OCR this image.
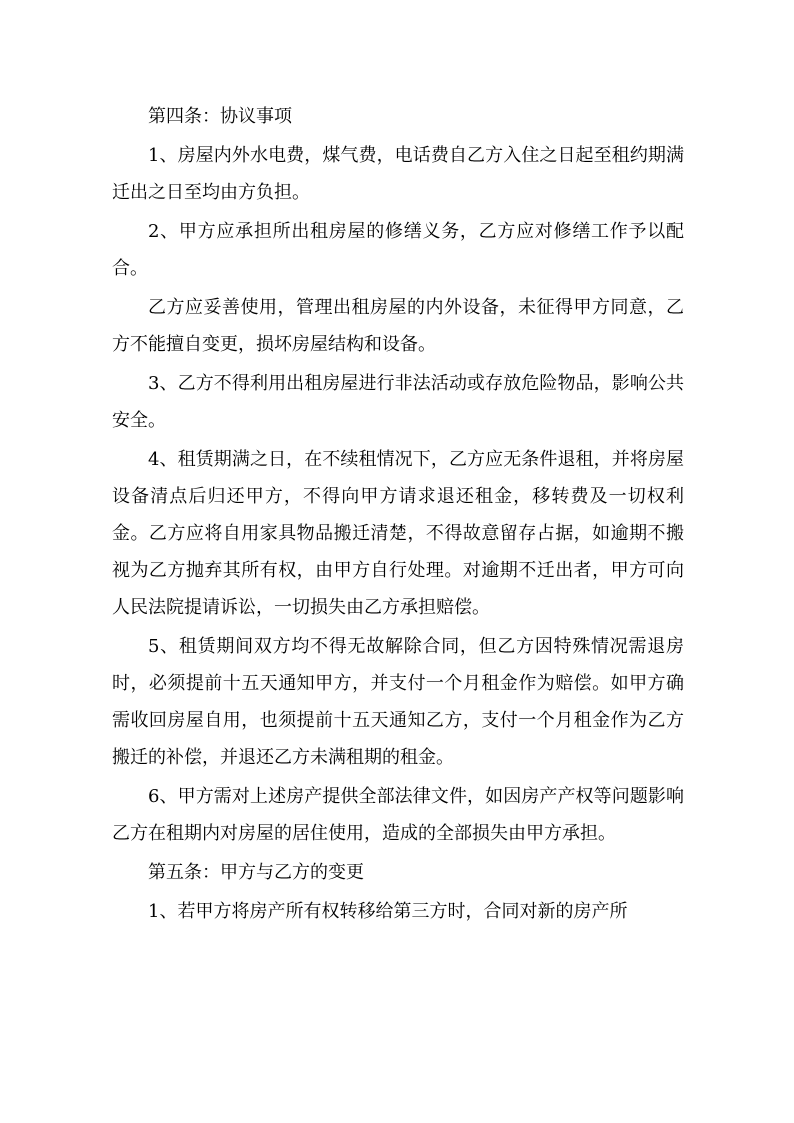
第四条：协议事项

1、房屋内外水电费，煤气费，电话费自乙方入住之日起至租约期满迁出之日至均由方负担。

2、甲方应承担所出租房屋的修缮义务，乙方应对修缮工作予以配合。

乙方应妥善使用，管理出租房屋的内外设备，未征得甲方同意，乙方不能擅自变更，损坏房屋结构和设备。

3、乙方不得利用出租房屋进行非法活动或存放危险物品，影响公共安全。

4、租赁期满之日，在不续租情况下，乙方应无条件退租，并将房屋设备清点后归还甲方，不得向甲方请求退还租金，移转费及一切权利金。乙方应将自用家具物品搬迁清楚，不得故意留存占据，如逾期不搬视为乙方抛弃其所有权，由甲方自行处理。对逾期不迁出者，甲方可向人民法院提请诉讼，一切损失由乙方承担赔偿。

5、租赁期间双方均不得无故解除合同，但乙方因特殊情况需退房时，必须提前十五天通知甲方，并支付一个月租金作为赔偿。如甲方确需收回房屋自用，也须提前十五天通知乙方，支付一个月租金作为乙方搬迁的补偿，并退还乙方未满租期的租金。

6、甲方需对上述房产提供全部法律文件，如因房产产权等问题影响乙方在租期内对房屋的居住使用，造成的全部损失由甲方承担。

第五条：甲方与乙方的变更

1、若甲方将房产所有权转移给第三方时，合同对新的房产所
